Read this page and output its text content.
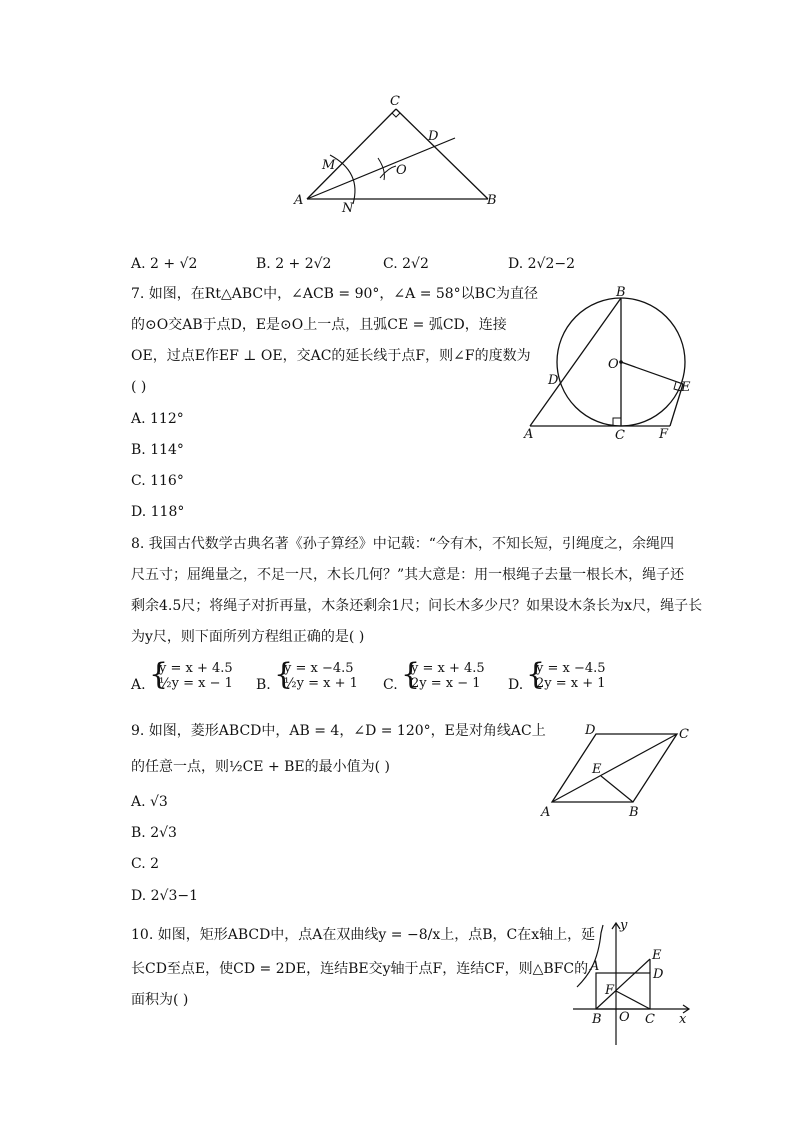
C
D
M	O
A
N
B
A. 2 + √2	B. 2 + 2√2	C. 2√2	D. 2√2−2
7. 如图，在Rt△ABC中，∠ACB = 90°，∠A = 58°以BC为直径
的⊙O交AB于点D，E是⊙O上一点，且弧CE = 弧CD，连接
OE，过点E作EF ⊥ OE，交AC的延长线于点F，则∠F的度数为
( )
A. 112°
B. 114°
C. 116°
D. 118°
B
O
D	E
A	C	F
8. 我国古代数学古典名著《孙子算经》中记载：“今有木，不知长短，引绳度之，余绳四
尺五寸；屈绳量之，不足一尺，木长几何？”其大意是：用一根绳子去量一根长木，绳子还
剩余4.5尺；将绳子对折再量，木条还剩余1尺；问长木多少尺？如果设木条长为x尺，绳子长
为y尺，则下面所列方程组正确的是( )
A. {
y = x + 4.5
½y = x − 1 B. {
y = x −4.5
½y = x + 1 C. {
y = x + 4.5
2y = x − 1 D. {
y = x −4.5
2y = x + 1
9. 如图，菱形ABCD中，AB = 4，∠D = 120°，E是对角线AC上
的任意一点，则½CE + BE的最小值为( )
A. √3
B. 2√3
C. 2
D. 2√3−1
D	C
E
A	B
10. 如图，矩形ABCD中，点A在双曲线y = −8/x上，点B，C在x轴上，延
长CD至点E，使CD = 2DE，连结BE交y轴于点F，连结CF，则△BFC的
面积为( )
y
E
A
D
F
B O C x
